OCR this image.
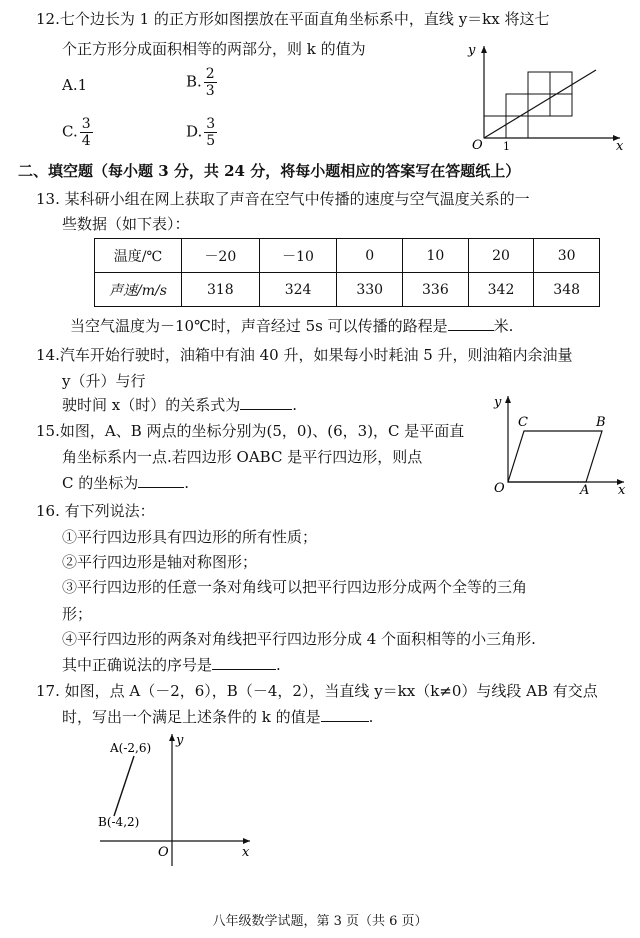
12.七个边长为 1 的正方形如图摆放在平面直角坐标系中，直线 y＝kx 将这七
个正方形分成面积相等的两部分，则 k 的值为
A.1	B. $\frac{2}{3}$
C. $\frac{3}{4}$	D. $\frac{3}{5}$
y
x
O 1
二、填空题（每小题 3 分，共 24 分，将每小题相应的答案写在答题纸上）
13. 某科研小组在网上获取了声音在空气中传播的速度与空气温度关系的一
些数据（如下表）：
温度/℃	－20	－10	0	10	20	30
声速/m/s	318	324	330	336	342	348
当空气温度为－10℃时，声音经过 5s 可以传播的路程是	米.
14.汽车开始行驶时，油箱中有油 40 升，如果每小时耗油 5 升，则油箱内余油量
y（升）与行
驶时间 x（时）的关系式为	.
15.如图，A、B 两点的坐标分别为(5，0)、(6，3)，C 是平面直
角坐标系内一点.若四边形 OABC 是平行四边形，则点
C 的坐标为	.
y
x
O	A
B
C
16. 有下列说法：
①平行四边形具有四边形的所有性质；
②平行四边形是轴对称图形；
③平行四边形的任意一条对角线可以把平行四边形分成两个全等的三角
形；
④平行四边形的两条对角线把平行四边形分成 4 个面积相等的小三角形.
其中正确说法的序号是	.
17. 如图，点 A（－2，6），B（－4，2），当直线 y＝kx（k≠0）与线段 AB 有交点
时，写出一个满足上述条件的 k 的值是	.
A(-2,6)
B(-4,2)
y
x
O
八年级数学试题，第 3 页（共 6 页）
